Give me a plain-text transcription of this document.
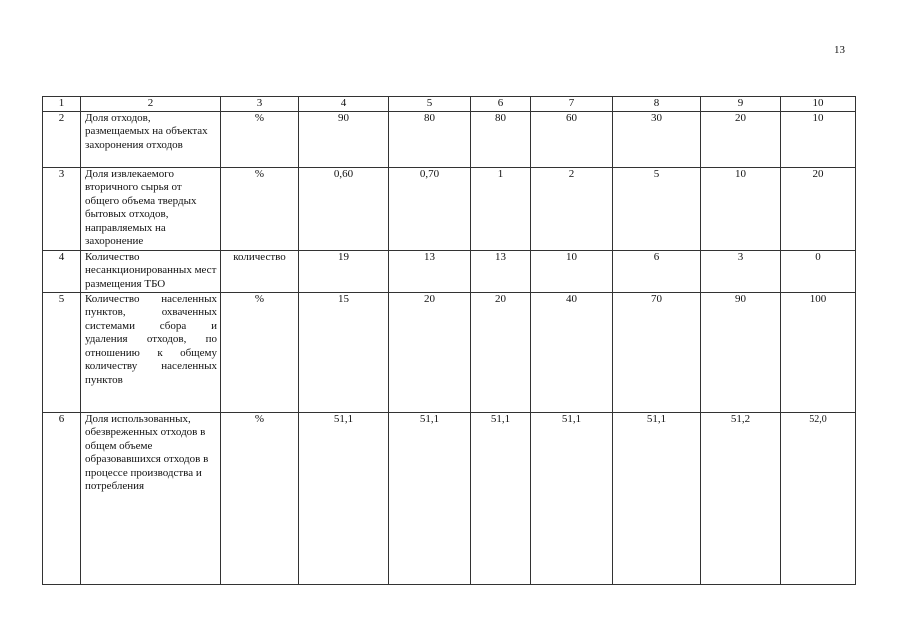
13
1	2	3	4	5	6	7	8	9	10
2	Доля отходов, размещаемых на объектах захоронения отходов	%	90	80	80	60	30	20	10
3	Доля извлекаемого вторичного сырья от общего объема твердых бытовых отходов, направляемых на захоронение	%	0,60	0,70	1	2	5	10	20
4	Количество несанкционированных мест размещения ТБО	количество	19	13	13	10	6	3	0
5	Количество населенных пунктов, охваченных системами сбора и удаления отходов, по отношению к общему количеству населенных пунктов	%	15	20	20	40	70	90	100
6	Доля использованных, обезвреженных отходов в общем объеме образовавшихся отходов в процессе производства и потребления	%	51,1	51,1	51,1	51,1	51,1	51,2	52,0
